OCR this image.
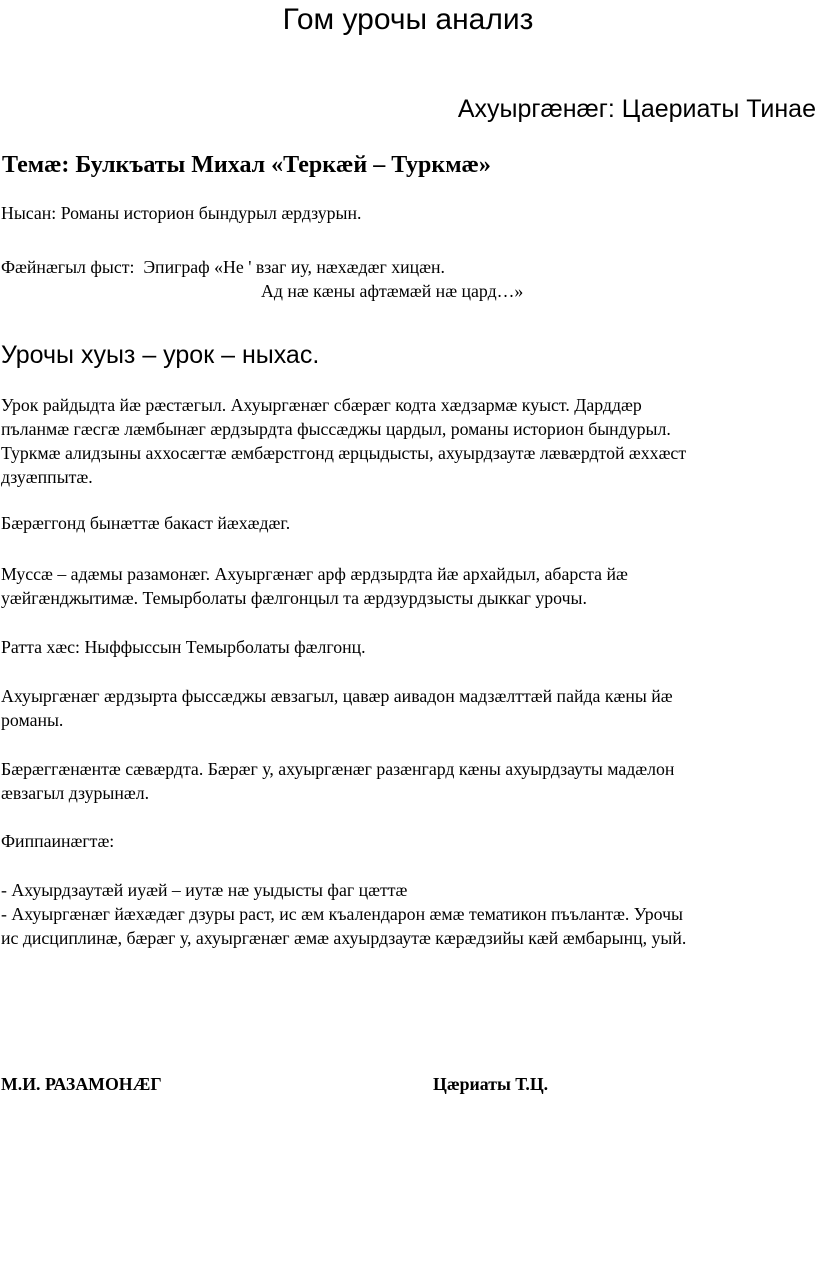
Гом урочы анализ
Ахуыргæнæг: Цаериаты Тинае
Темæ: Булкъаты Михал «Теркæй – Туркмæ»
Нысан: Романы историон бындурыл æрдзурын.
Фæйнæгыл фыст:  Эпиграф «Не ' взаг иу, нæхæдæг хицæн.
Ад нæ кæны афтæмæй нæ цард…»
Урочы хуыз – урок – ныхас.
Урок райдыдта йæ рæстæгыл. Ахуыргæнæг сбæрæг кодта хæдзармæ куыст. Дарддæр
пъланмæ гæсгæ лæмбынæг æрдзырдта фыссæджы цардыл, романы историон бындурыл.
Туркмæ алидзыны аххосæгтæ æмбæрстгонд æрцыдысты, ахуырдзаутæ лæвæрдтой æххæст
дзуæппытæ.
Бæрæггонд бынæттæ бакаст йæхæдæг.
Муссæ – адæмы разамонæг. Ахуыргæнæг арф æрдзырдта йæ архайдыл, абарста йæ
уæйгæнджытимæ. Темырболаты фæлгонцыл та æрдзурдзысты дыккаг урочы.
Ратта хæс: Ныффыссын Темырболаты фæлгонц.
Ахуыргæнæг æрдзырта фыссæджы æвзагыл, цавæр аивадон мадзæлттæй пайда кæны йæ
романы.
Бæрæггæнæнтæ сæвæрдта. Бæрæг у, ахуыргæнæг разæнгард кæны ахуырдзауты мадæлон
æвзагыл дзурынæл.
Фиппаинæгтæ:
- Ахуырдзаутæй иуæй – иутæ нæ уыдысты фаг цæттæ
- Ахуыргæнæг йæхæдæг дзуры раст, ис æм къалендарон æмæ тематикон пъълантæ. Урочы
ис дисциплинæ, бæрæг у, ахуыргæнæг æмæ ахуырдзаутæ кæрæдзийы кæй æмбарынц, уый.
М.И. РАЗАМОНÆГ	Цæриаты Т.Ц.
